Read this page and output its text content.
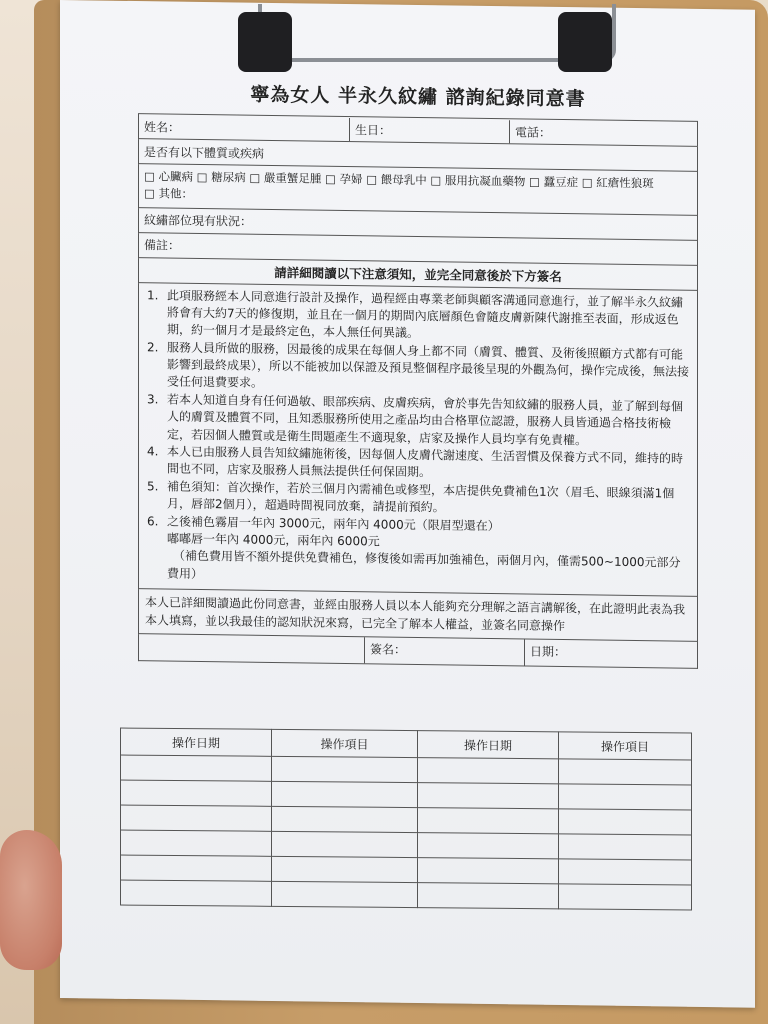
寧為女人 半永久紋繡 諮詢紀錄同意書
姓名：	生日：	電話：
是否有以下體質或疾病
□ 心臟病 □ 糖尿病 □ 嚴重蟹足腫 □ 孕婦 □ 餵母乳中 □ 服用抗凝血藥物 □ 蠶豆症 □ 紅瘡性狼斑
□ 其他：
紋繡部位現有狀況：
備註：
請詳細閱讀以下注意須知，並完全同意後於下方簽名
1. 此項服務經本人同意進行設計及操作，過程經由專業老師與顧客溝通同意進行，並了解半永久紋繡將會有大約7天的修復期，並且在一個月的期間內底層顏色會隨皮膚新陳代謝推至表面，形成返色期，約一個月才是最終定色，本人無任何異議。
2. 服務人員所做的服務，因最後的成果在每個人身上都不同（膚質、體質、及術後照顧方式都有可能影響到最終成果），所以不能被加以保證及預見整個程序最後呈現的外觀為何，操作完成後，無法接受任何退費要求。
3. 若本人知道自身有任何過敏、眼部疾病、皮膚疾病，會於事先告知紋繡的服務人員，並了解到每個人的膚質及體質不同，且知悉服務所使用之產品均由合格單位認證，服務人員皆通過合格技術檢定，若因個人體質或是衛生問題產生不適現象，店家及操作人員均享有免責權。
4. 本人已由服務人員告知紋繡施術後，因每個人皮膚代謝速度、生活習慣及保養方式不同，維持的時間也不同，店家及服務人員無法提供任何保固期。
5. 補色須知：首次操作，若於三個月內需補色或修型，本店提供免費補色1次（眉毛、眼線須滿1個月，唇部2個月），超過時間視同放棄，請提前預約。
6. 之後補色霧眉一年內 3000元，兩年內 4000元（限眉型還在）
嘟嘟唇一年內 4000元，兩年內 6000元
（補色費用皆不額外提供免費補色，修復後如需再加強補色，兩個月內，僅需500~1000元部分費用）
本人已詳細閱讀過此份同意書，並經由服務人員以本人能夠充分理解之語言講解後，在此證明此表為我本人填寫，並以我最佳的認知狀況來寫，已完全了解本人權益，並簽名同意操作
簽名：	日期：
操作日期	操作項目	操作日期	操作項目
